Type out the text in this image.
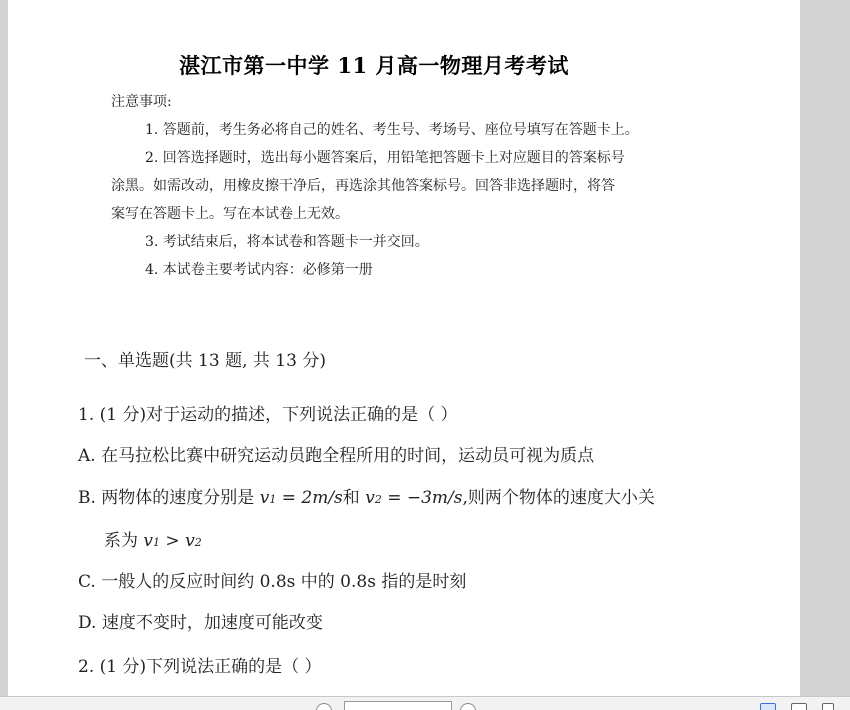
湛江市第一中学 11 月高一物理月考考试
注意事项:
1. 答题前，考生务必将自己的姓名、考生号、考场号、座位号填写在答题卡上。
2. 回答选择题时，选出每小题答案后，用铅笔把答题卡上对应题目的答案标号
涂黑。如需改动，用橡皮擦干净后，再选涂其他答案标号。回答非选择题时，将答
案写在答题卡上。写在本试卷上无效。
3. 考试结束后，将本试卷和答题卡一并交回。
4. 本试卷主要考试内容：必修第一册
一、单选题(共 13 题, 共 13 分)
1. (1 分)对于运动的描述，下列说法正确的是（ ）
A. 在马拉松比赛中研究运动员跑全程所用的时间，运动员可视为质点
B. 两物体的速度分别是 v1 = 2m/s和 v2 = −3m/s,则两个物体的速度大小关
系为 v1 > v2
C. 一般人的反应时间约 0.8s 中的 0.8s 指的是时刻
D. 速度不变时，加速度可能改变
2. (1 分)下列说法正确的是（ ）
